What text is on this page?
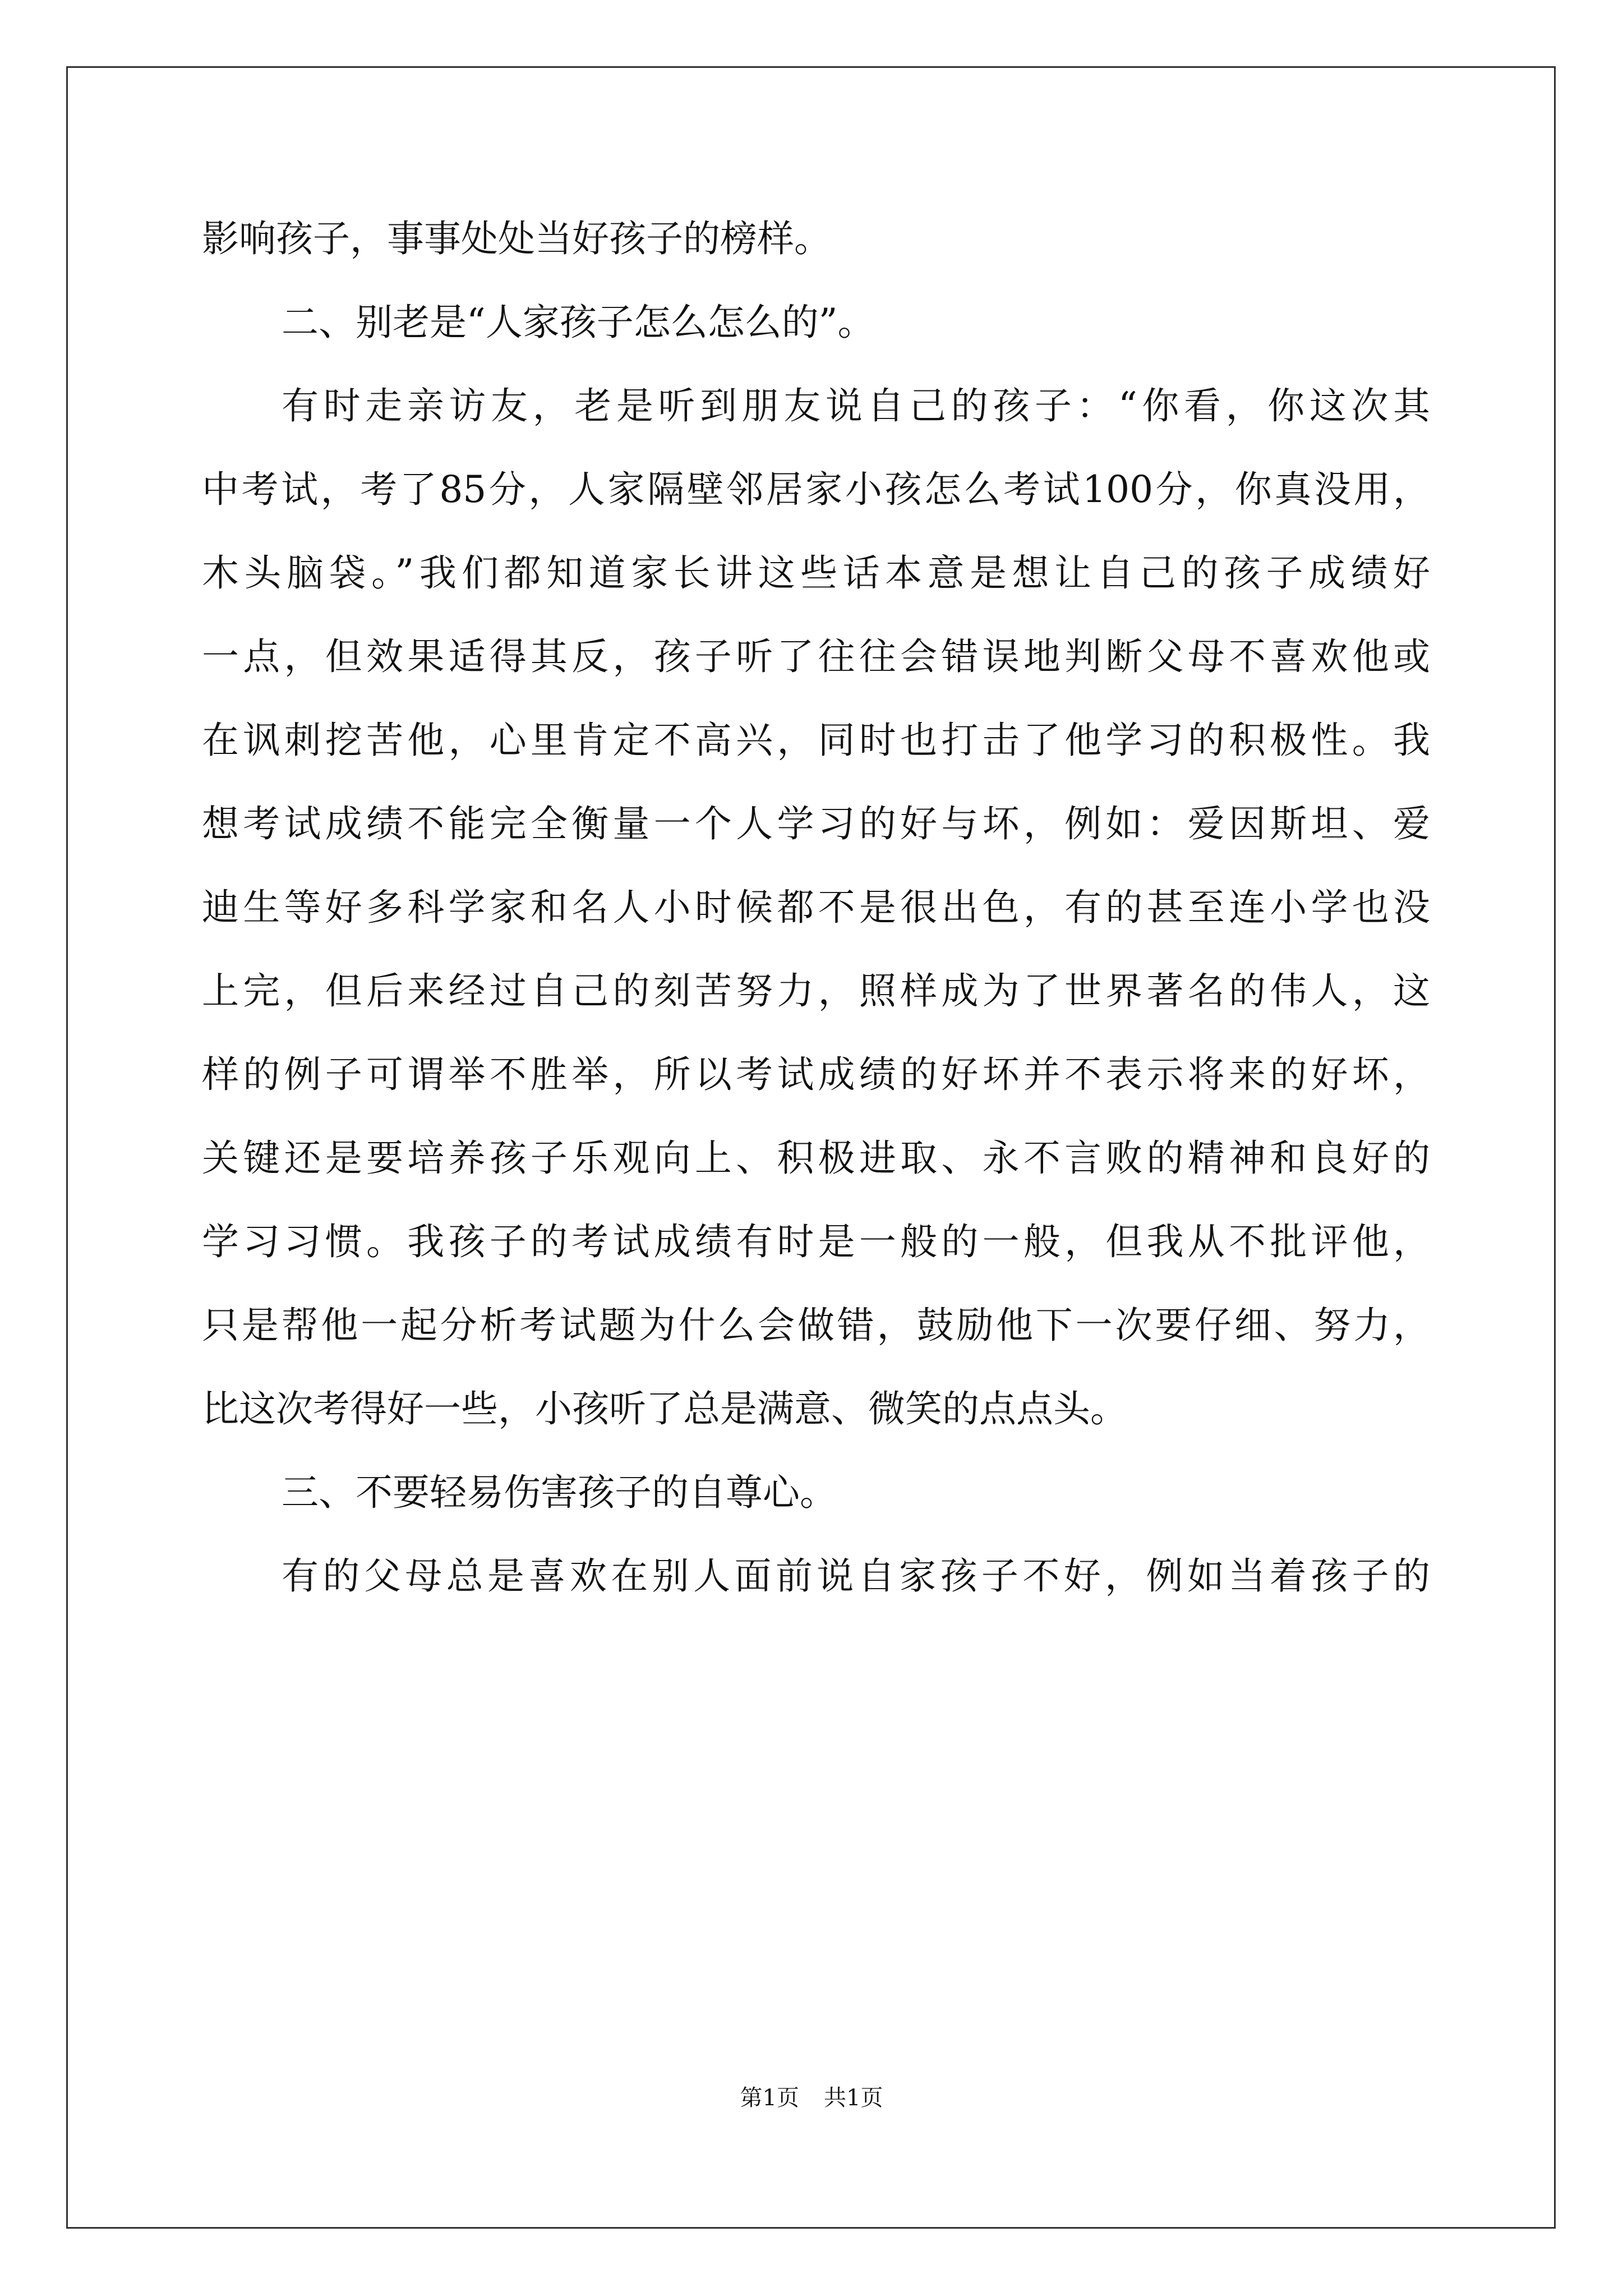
影响孩子，事事处处当好孩子的榜样。
二、别老是“人家孩子怎么怎么的”。
有时走亲访友，老是听到朋友说自己的孩子：“你看，你这次其
中考试，考了85分，人家隔壁邻居家小孩怎么考试100分，你真没用，
木头脑袋。”我们都知道家长讲这些话本意是想让自己的孩子成绩好
一点，但效果适得其反，孩子听了往往会错误地判断父母不喜欢他或
在讽刺挖苦他，心里肯定不高兴，同时也打击了他学习的积极性。我
想考试成绩不能完全衡量一个人学习的好与坏，例如：爱因斯坦、爱
迪生等好多科学家和名人小时候都不是很出色，有的甚至连小学也没
上完，但后来经过自己的刻苦努力，照样成为了世界著名的伟人，这
样的例子可谓举不胜举，所以考试成绩的好坏并不表示将来的好坏，
关键还是要培养孩子乐观向上、积极进取、永不言败的精神和良好的
学习习惯。我孩子的考试成绩有时是一般的一般，但我从不批评他，
只是帮他一起分析考试题为什么会做错，鼓励他下一次要仔细、努力，
比这次考得好一些，小孩听了总是满意、微笑的点点头。
三、不要轻易伤害孩子的自尊心。
有的父母总是喜欢在别人面前说自家孩子不好，例如当着孩子的
第1页 共1页
